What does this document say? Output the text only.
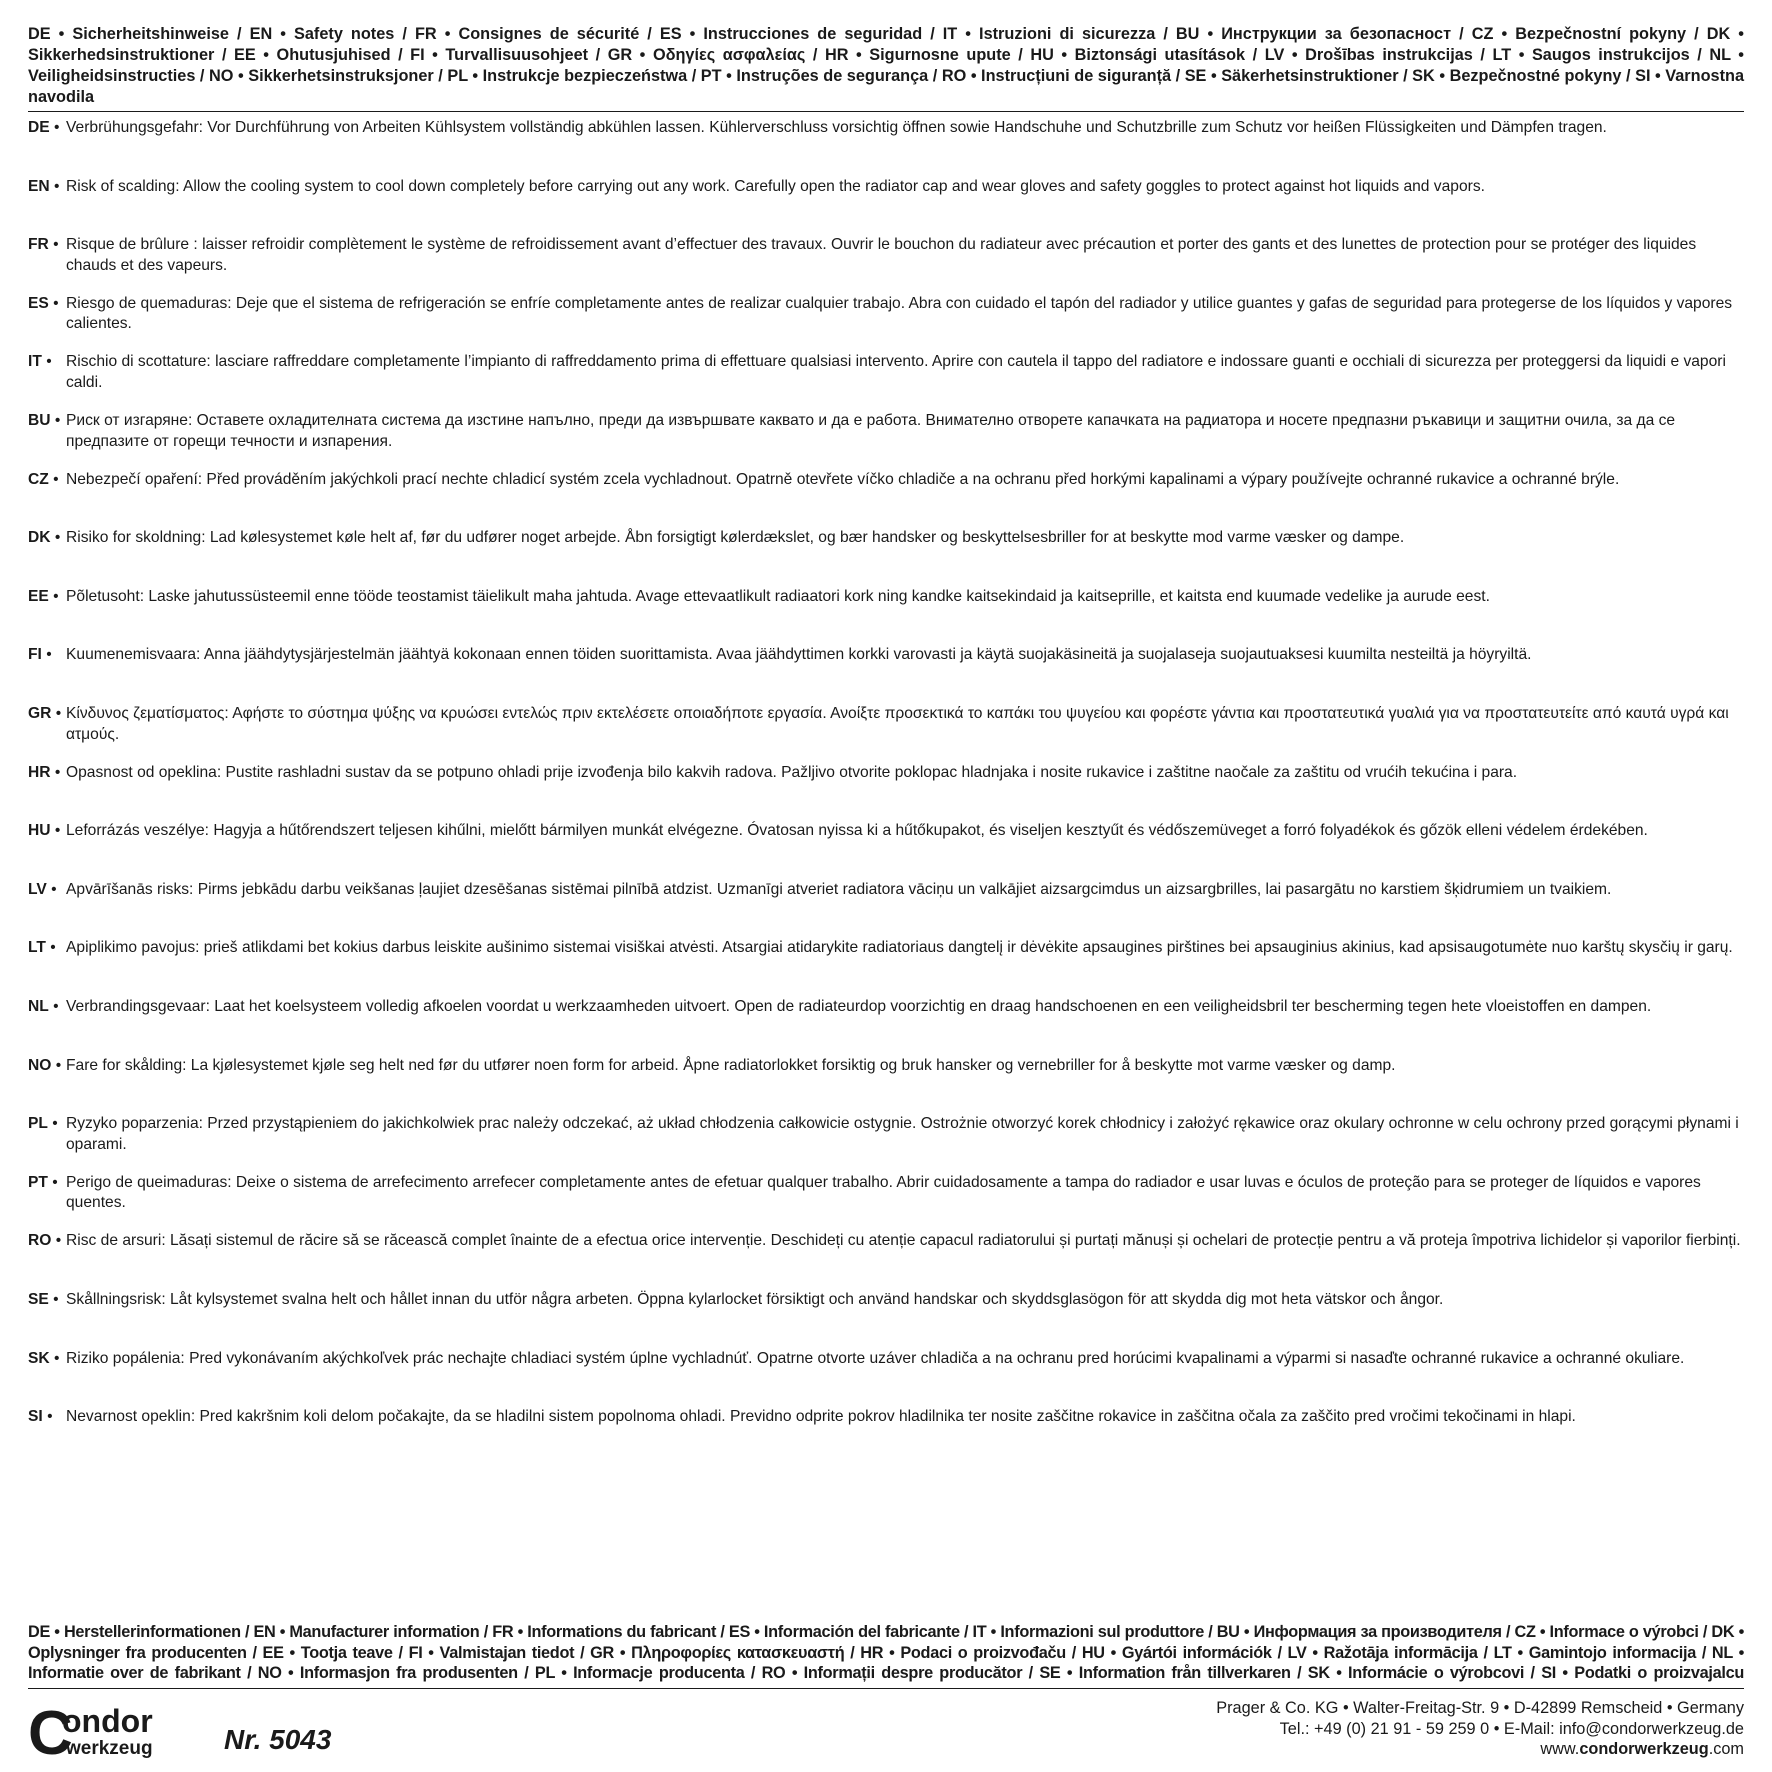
DE • Sicherheitshinweise / EN • Safety notes / FR • Consignes de sécurité / ES • Instrucciones de seguridad / IT • Istruzioni di sicurezza / BU • Инструкции за безопасност / CZ • Bezpečnostní pokyny / DK • Sikkerhedsinstruktioner / EE • Ohutusjuhised / FI • Turvallisuusohjeet / GR • Οδηγίες ασφαλείας / HR • Sigurnosne upute / HU • Biztonsági utasítások / LV • Drošības instrukcijas / LT • Saugos instrukcijos / NL • Veiligheidsinstructies / NO • Sikkerhetsinstruksjoner / PL • Instrukcje bezpieczeństwa / PT • Instruções de segurança / RO • Instrucțiuni de siguranță / SE • Säkerhetsinstruktioner / SK • Bezpečnostné pokyny / SI • Varnostna navodila
DE • Verbrühungsgefahr: Vor Durchführung von Arbeiten Kühlsystem vollständig abkühlen lassen. Kühlerverschluss vorsichtig öffnen sowie Handschuhe und Schutzbrille zum Schutz vor heißen Flüssigkeiten und Dämpfen tragen.
EN • Risk of scalding: Allow the cooling system to cool down completely before carrying out any work. Carefully open the radiator cap and wear gloves and safety goggles to protect against hot liquids and vapors.
FR • Risque de brûlure : laisser refroidir complètement le système de refroidissement avant d’effectuer des travaux. Ouvrir le bouchon du radiateur avec précaution et porter des gants et des lunettes de protection pour se protéger des liquides chauds et des vapeurs.
ES • Riesgo de quemaduras: Deje que el sistema de refrigeración se enfríe completamente antes de realizar cualquier trabajo. Abra con cuidado el tapón del radiador y utilice guantes y gafas de seguridad para protegerse de los líquidos y vapores calientes.
IT • Rischio di scottature: lasciare raffreddare completamente l’impianto di raffreddamento prima di effettuare qualsiasi intervento. Aprire con cautela il tappo del radiatore e indossare guanti e occhiali di sicurezza per proteggersi da liquidi e vapori caldi.
BU • Риск от изгаряне: Оставете охладителната система да изстине напълно, преди да извършвате каквато и да е работа. Внимателно отворете капачката на радиатора и носете предпазни ръкавици и защитни очила, за да се предпазите от горещи течности и изпарения.
CZ • Nebezpečí opaření: Před prováděním jakýchkoli prací nechte chladicí systém zcela vychladnout. Opatrně otevřete víčko chladiče a na ochranu před horkými kapalinami a výpary používejte ochranné rukavice a ochranné brýle.
DK • Risiko for skoldning: Lad kølesystemet køle helt af, før du udfører noget arbejde. Åbn forsigtigt kølerdækslet, og bær handsker og beskyttelsesbriller for at beskytte mod varme væsker og dampe.
EE • Põletusoht: Laske jahutussüsteemil enne tööde teostamist täielikult maha jahtuda. Avage ettevaatlikult radiaatori kork ning kandke kaitsekindaid ja kaitseprille, et kaitsta end kuumade vedelike ja aurude eest.
FI • Kuumenemisvaara: Anna jäähdytysjärjestelmän jäähtyä kokonaan ennen töiden suorittamista. Avaa jäähdyttimen korkki varovasti ja käytä suojakäsineitä ja suojalaseja suojautuaksesi kuumilta nesteiltä ja höyryiltä.
GR • Κίνδυνος ζεματίσματος: Αφήστε το σύστημα ψύξης να κρυώσει εντελώς πριν εκτελέσετε οποιαδήποτε εργασία. Ανοίξτε προσεκτικά το καπάκι του ψυγείου και φορέστε γάντια και προστατευτικά γυαλιά για να προστατευτείτε από καυτά υγρά και ατμούς.
HR • Opasnost od opeklina: Pustite rashladni sustav da se potpuno ohladi prije izvođenja bilo kakvih radova. Pažljivo otvorite poklopac hladnjaka i nosite rukavice i zaštitne naočale za zaštitu od vrućih tekućina i para.
HU • Leforrázás veszélye: Hagyja a hűtőrendszert teljesen kihűlni, mielőtt bármilyen munkát elvégezne. Óvatosan nyissa ki a hűtőkupakot, és viseljen kesztyűt és védőszemüveget a forró folyadékok és gőzök elleni védelem érdekében.
LV • Apvārīšanās risks: Pirms jebkādu darbu veikšanas ļaujiet dzesēšanas sistēmai pilnībā atdzist. Uzmanīgi atveriet radiatora vāciņu un valkājiet aizsargcimdus un aizsargbrilles, lai pasargātu no karstiem šķidrumiem un tvaikiem.
LT • Apiplikimo pavojus: prieš atlikdami bet kokius darbus leiskite aušinimo sistemai visiškai atvėsti. Atsargiai atidarykite radiatoriaus dangtelį ir dėvėkite apsaugines pirštines bei apsauginius akinius, kad apsisaugotumėte nuo karštų skysčių ir garų.
NL • Verbrandingsgevaar: Laat het koelsysteem volledig afkoelen voordat u werkzaamheden uitvoert. Open de radiateurdop voorzichtig en draag handschoenen en een veiligheidsbril ter bescherming tegen hete vloeistoffen en dampen.
NO • Fare for skålding: La kjølesystemet kjøle seg helt ned før du utfører noen form for arbeid. Åpne radiatorlokket forsiktig og bruk hansker og vernebriller for å beskytte mot varme væsker og damp.
PL • Ryzyko poparzenia: Przed przystąpieniem do jakichkolwiek prac należy odczekać, aż układ chłodzenia całkowicie ostygnie. Ostrożnie otworzyć korek chłodnicy i założyć rękawice oraz okulary ochronne w celu ochrony przed gorącymi płynami i oparami.
PT • Perigo de queimaduras: Deixe o sistema de arrefecimento arrefecer completamente antes de efetuar qualquer trabalho. Abrir cuidadosamente a tampa do radiador e usar luvas e óculos de proteção para se proteger de líquidos e vapores quentes.
RO • Risc de arsuri: Lăsați sistemul de răcire să se răcească complet înainte de a efectua orice intervenție. Deschideți cu atenție capacul radiatorului și purtați mănuși și ochelari de protecție pentru a vă proteja împotriva lichidelor și vaporilor fierbinți.
SE • Skållningsrisk: Låt kylsystemet svalna helt och hållet innan du utför några arbeten. Öppna kylarlocket försiktigt och använd handskar och skyddsglasögon för att skydda dig mot heta vätskor och ångor.
SK • Riziko popálenia: Pred vykonávaním akýchkoľvek prác nechajte chladiaci systém úplne vychladnúť. Opatrne otvorte uzáver chladiča a na ochranu pred horúcimi kvapalinami a výparmi si nasaďte ochranné rukavice a ochranné okuliare.
SI • Nevarnost opeklin: Pred kakršnim koli delom počakajte, da se hladilni sistem popolnoma ohladi. Previdno odprite pokrov hladilnika ter nosite zaščitne rokavice in zaščitna očala za zaščito pred vročimi tekočinami in hlapi.
DE • Herstellerinformationen / EN • Manufacturer information / FR • Informations du fabricant / ES • Información del fabricante / IT • Informazioni sul produttore / BU • Информация за производителя / CZ • Informace o výrobci / DK • Oplysninger fra producenten / EE • Tootja teave / FI • Valmistajan tiedot / GR • Πληροφορίες κατασκευαστή / HR • Podaci o proizvođaču / HU • Gyártói információk / LV • Ražotāja informācija / LT • Gamintojo informacija / NL • Informatie over de fabrikant / NO • Informasjon fra produsenten / PL • Informacje producenta / RO • Informații despre producător / SE • Information från tillverkaren / SK • Informácie o výrobcovi / SI • Podatki o proizvajalcu
C
ondor
werkzeug	Nr. 5043
Prager & Co. KG • Walter-Freitag-Str. 9 • D-42899 Remscheid • Germany
Tel.: +49 (0) 21 91 - 59 259 0 • E-Mail: info@condorwerkzeug.de
www.condorwerkzeug.com
